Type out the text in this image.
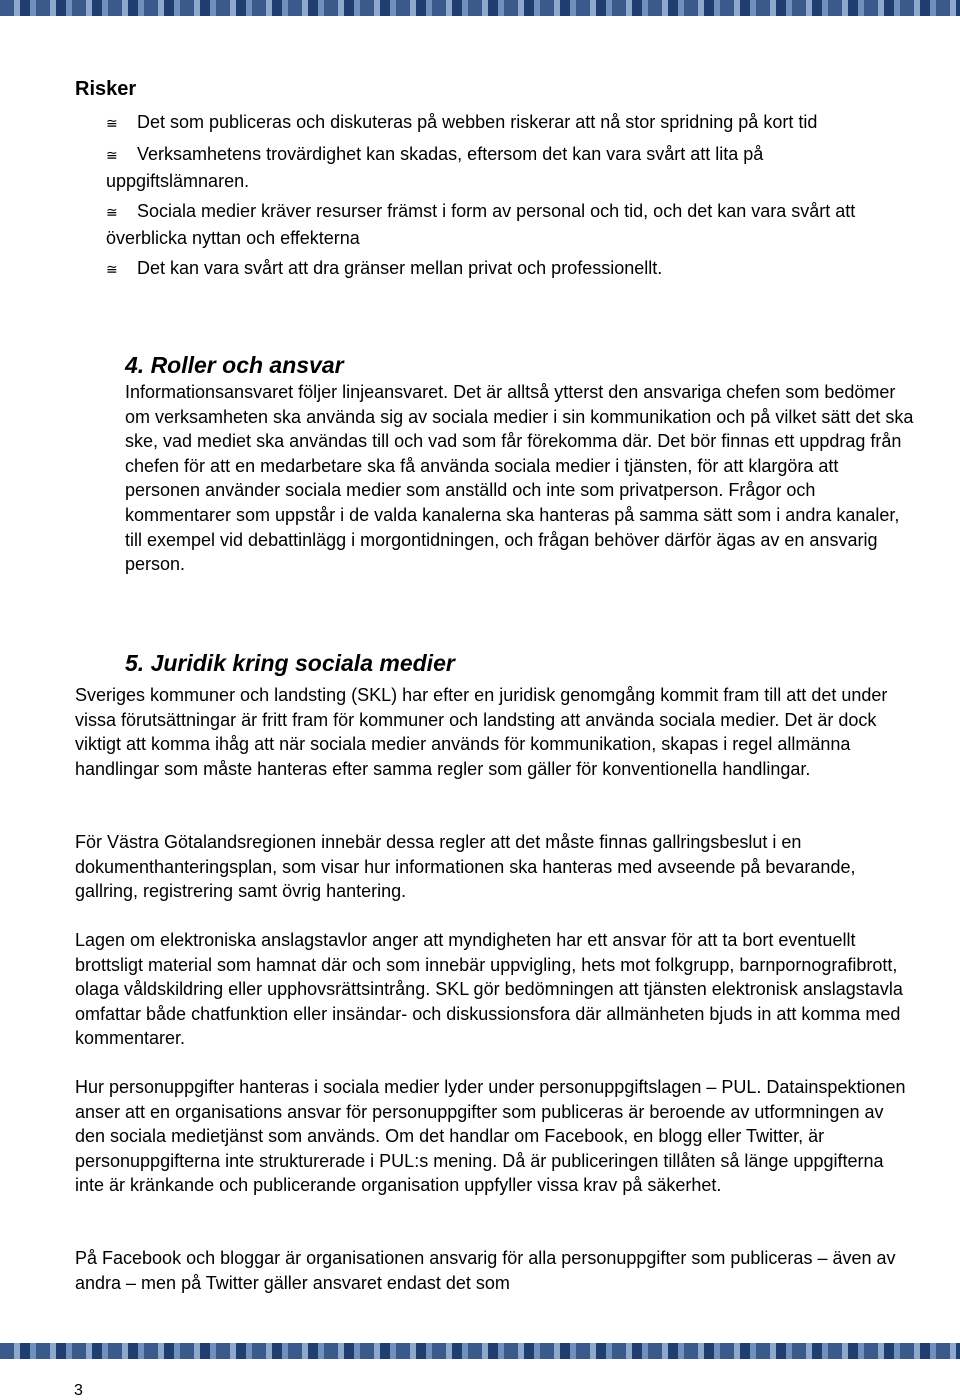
Risker
≅ Det som publiceras och diskuteras på webben riskerar att nå stor spridning på kort tid
≅ Verksamhetens trovärdighet kan skadas, eftersom det kan vara svårt att lita på uppgiftslämnaren.
≅ Sociala medier kräver resurser främst i form av personal och tid, och det kan vara svårt att överblicka nyttan och effekterna
≅ Det kan vara svårt att dra gränser mellan privat och professionellt.
4. Roller och ansvar

Informationsansvaret följer linjeansvaret. Det är alltså ytterst den ansvariga chefen som bedömer om verksamheten ska använda sig av sociala medier i sin kommunikation och på vilket sätt det ska ske, vad mediet ska användas till och vad som får förekomma där. Det bör finnas ett uppdrag från chefen för att en medarbetare ska få använda sociala medier i tjänsten, för att klargöra att personen använder sociala medier som anställd och inte som privatperson. Frågor och kommentarer som uppstår i de valda kanalerna ska hanteras på samma sätt som i andra kanaler, till exempel vid debattinlägg i morgontidningen, och frågan behöver därför ägas av en ansvarig person.

5. Juridik kring sociala medier

Sveriges kommuner och landsting (SKL) har efter en juridisk genomgång kommit fram till att det under vissa förutsättningar är fritt fram för kommuner och landsting att använda sociala medier. Det är dock viktigt att komma ihåg att när sociala medier används för kommunikation, skapas i regel allmänna handlingar som måste hanteras efter samma regler som gäller för konventionella handlingar.

För Västra Götalandsregionen innebär dessa regler att det måste finnas gallringsbeslut i en dokumenthanteringsplan, som visar hur informationen ska hanteras med avseende på bevarande, gallring, registrering samt övrig hantering.

Lagen om elektroniska anslagstavlor anger att myndigheten har ett ansvar för att ta bort eventuellt brottsligt material som hamnat där och som innebär uppvigling, hets mot folkgrupp, barnpornografibrott, olaga våldskildring eller upphovsrättsintrång. SKL gör bedömningen att tjänsten elektronisk anslagstavla omfattar både chatfunktion eller insändar- och diskussionsfora där allmänheten bjuds in att komma med kommentarer.

Hur personuppgifter hanteras i sociala medier lyder under personuppgiftslagen – PUL. Datainspektionen anser att en organisations ansvar för personuppgifter som publiceras är beroende av utformningen av den sociala medietjänst som används. Om det handlar om Facebook, en blogg eller Twitter, är personuppgifterna inte strukturerade i PUL:s mening. Då är publiceringen tillåten så länge uppgifterna inte är kränkande och publicerande organisation uppfyller vissa krav på säkerhet.

På Facebook och bloggar är organisationen ansvarig för alla personuppgifter som publiceras – även av andra – men på Twitter gäller ansvaret endast det som

3
